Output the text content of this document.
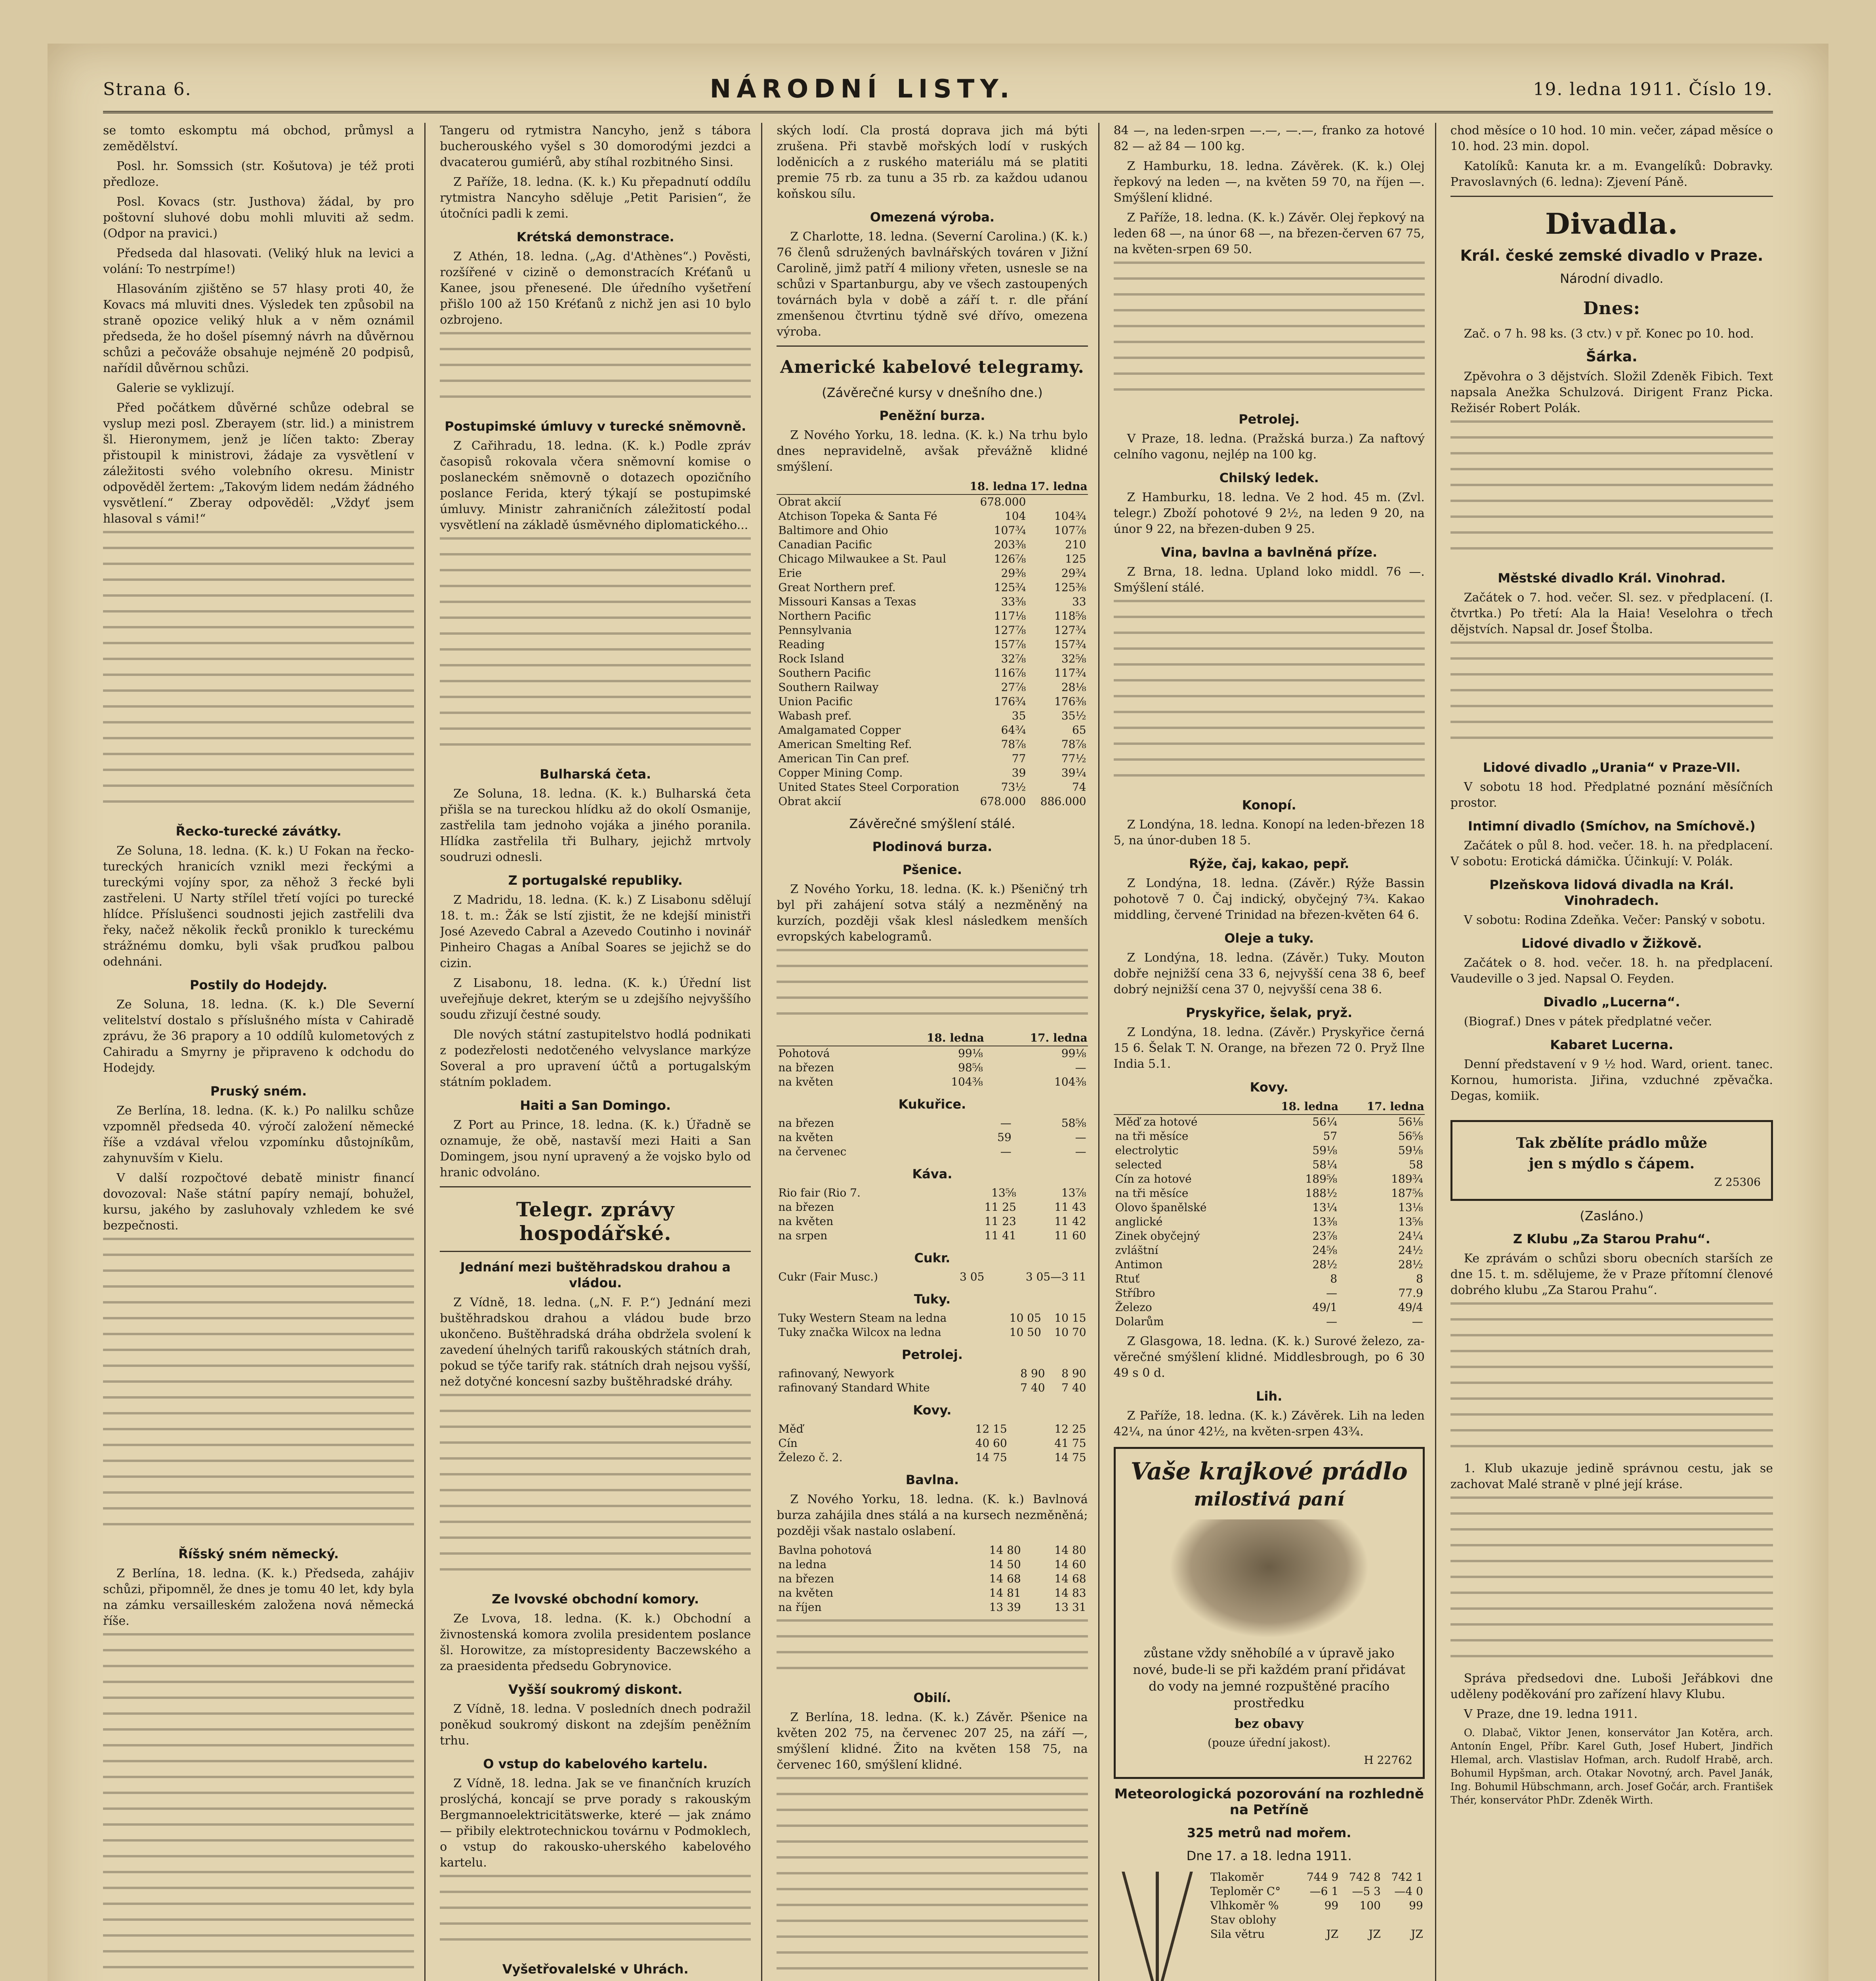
Strana 6.	NÁRODNÍ LISTY.	19. ledna 1911. Číslo 19.

se tomto eskomptu má obchod, průmysl a zemědělství.

Posl. hr. Somssich (str. Košutova) je též proti předloze.

Posl. Kovacs (str. Justhova) žádal, by pro poštovní sluhové dobu mohli mluviti až sedm. (Odpor na pravici.)

Předseda dal hlasovati. (Veliký hluk na levici a volání: To nestrpíme!)

Hlasováním zjištěno se 57 hlasy proti 40, že Kovacs má mluviti dnes. Výsledek ten způsobil na straně opozice veliký hluk a v něm oznámil předseda, že ho došel písemný návrh na důvěrnou schůzi a pečováže obsahuje nejméně 20 podpisů, nařídil důvěrnou schůzi.

Galerie se vyklizují.

Před počátkem důvěrné schůze odebral se vyslup mezi posl. Zberayem (str. lid.) a ministrem šl. Hieronymem, jenž je líčen takto: Zberay přistoupil k ministrovi, žádaje za vysvětlení v záležitosti svého volebního okresu. Ministr odpověděl žertem: „Takovým lidem nedám žádného vysvětlení.“ Zberay odpověděl: „Vždyť jsem hlasoval s vámi!“

Řecko-turecké závátky.

Ze Soluna, 18. ledna. (K. k.) U Fokan na řecko-tureckých hranicích vznikl mezi řeckými a tureckými vojíny spor, za něhož 3 řecké byli zastřeleni. U Narty střílel třetí vojíci po turecké hlídce. Příslušenci soudnosti jejich zastřelili dva řeky, načež několik řecků proniklo k tureckému strážnému domku, byli však pruďkou palbou odehnáni.

Postily do Hodejdy.

Ze Soluna, 18. ledna. (K. k.) Dle Severní velitelství dostalo s příslušného místa v Cahiradě zprávu, že 36 prapory a 10 oddílů kulometových z Cahiradu a Smyrny je připraveno k odchodu do Hodejdy.

Pruský sném.

Ze Berlína, 18. ledna. (K. k.) Po nalilku schůze vzpomněl předseda 40. výročí založení německé říše a vzdával vřelou vzpomínku důstojníkům, zahynuvším v Kielu.

V další rozpočtové debatě ministr financí dovozoval: Naše státní papíry nemají, bohužel, kursu, jakého by zasluhovaly vzhledem ke své bezpečnosti.

Říšský sném německý.

Z Berlína, 18. ledna. (K. k.) Předseda, zahájiv schůzi, připomněl, že dnes je tomu 40 let, kdy byla na zámku versailleském založena nová německá říše.

Tangeru od rytmistra Nancyho, jenž s tábora bucherouského vyšel s 30 domorodými jezdci a dvacaterou gumiérů, aby stíhal rozbitného Sinsi.

Z Paříže, 18. ledna. (K. k.) Ku přepadnutí oddílu rytmistra Nancyho sděluje „Petit Parisien“, že útočníci padli k zemi.

Krétská demonstrace.

Z Athén, 18. ledna. („Ag. d'Athènes“.) Pověsti, rozšířené v cizině o demonstracích Kréťanů u Kanee, jsou přenesené. Dle úředního vyšetření přišlo 100 až 150 Kréťanů z nichž jen asi 10 bylo ozbrojeno.

Postupimské úmluvy v turecké sněmovně.

Z Cařihradu, 18. ledna. (K. k.) Podle zpráv časopisů rokovala včera sněmovní komise o poslaneckém sněmovně o dotazech opozičního poslance Ferida, který týkají se postupimské úmluvy. Ministr zahraničních záležitostí podal vysvětlení na základě úsměvného diplomatického...

Bulharská četa.

Ze Soluna, 18. ledna. (K. k.) Bulharská četa přišla se na tureckou hlídku až do okolí Osmanije, zastřelila tam jednoho vojáka a jiného poranila. Hlídka zastřelila tři Bulhary, jejichž mrtvoly soudruzi odnesli.

Z portugalské republiky.

Z Madridu, 18. ledna. (K. k.) Z Lisabonu sdělují 18. t. m.: Žák se lstí zjistit, že ne kdejší ministři José Azevedo Cabral a Azevedo Coutinho i novinář Pinheiro Chagas a Aníbal Soares se jejichž se do cizin.

Z Lisabonu, 18. ledna. (K. k.) Úřední list uveřejňuje dekret, kterým se u zdejšího nejvyššího soudu zřizují čestné soudy.

Dle nových státní zastupitelstvo hodlá podnikati z podezřelosti nedotčeného velvyslance markýze Soveral a pro upravení účtů a portugalským státním pokladem.

Haiti a San Domingo.

Z Port au Prince, 18. ledna. (K. k.) Úřadně se oznamuje, že obě, nastavší mezi Haiti a San Domingem, jsou nyní upravený a že vojsko bylo od hranic odvoláno.

Telegr. zprávy hospodářské.
Jednání mezi buštěhradskou drahou a vládou.

Z Vídně, 18. ledna. („N. F. P.“) Jednání mezi buštěhradskou drahou a vládou bude brzo ukončeno. Buštěhradská dráha obdržela svolení k zavedení úhelných tarifů rakouských státních drah, pokud se týče tarify rak. státních drah nejsou vyšší, než dotyčné koncesní sazby buštěhradské dráhy.

Ze lvovské obchodní komory.

Ze Lvova, 18. ledna. (K. k.) Obchodní a živnostenská komora zvolila presidentem poslance šl. Horowitze, za místopresidenty Baczewského a za praesidenta předsedu Gobrynovice.

Vyšší soukromý diskont.

Z Vídně, 18. ledna. V posledních dnech podražil poněkud soukromý diskont na zdejším peněžním trhu.

O vstup do kabelového kartelu.

Z Vídně, 18. ledna. Jak se ve finančních kruzích proslýchá, koncají se prve porady s rakouským Bergmannoelektricitätswerke, které — jak známo — přibily elektrotechnickou továrnu v Podmoklech, o vstup do rakousko-uherského kabelového kartelu.

Vyšetřovalelské v Uhrách.

ských lodí. Cla prostá doprava jich má býti zrušena. Při stavbě mořských lodí v ruských loděnicích a z ruského materiálu má se platiti premie 75 rb. za tunu a 35 rb. za každou udanou koňskou sílu.

Omezená výroba.

Z Charlotte, 18. ledna. (Severní Carolina.) (K. k.) 76 členů sdružených bavlnářských továren v Jižní Carolině, jimž patří 4 miliony vřeten, usnesle se na schůzi v Spartanburgu, aby ve všech zastoupených továrnách byla v době a září t. r. dle přání zmenšenou čtvrtinu týdně své dřívo, omezena výroba.

Americké kabelové telegramy.
(Závěrečné kursy v dnešního dne.)
Peněžní burza.

Z Nového Yorku, 18. ledna. (K. k.) Na trhu bylo dnes nepravidelně, avšak převážně klidné smýšlení.

	18. ledna	17. ledna
Obrat akcií	678.000	
Atchison Topeka & Santa Fé	104	104¾
Baltimore and Ohio	107¾	107⅞
Canadian Pacific	203⅜	210
Chicago Milwaukee a St. Paul	126⅞	125
Erie	29⅜	29¾
Great Northern pref.	125¾	125⅜
Missouri Kansas a Texas	33⅜	33
Northern Pacific	117⅛	118⅝
Pennsylvania	127⅞	127¾
Reading	157⅞	157¾
Rock Island	32⅞	32⅝
Southern Pacific	116⅞	117¾
Southern Railway	27⅞	28⅛
Union Pacific	176¾	176⅜
Wabash pref.	35	35½
Amalgamated Copper	64¾	65
American Smelting Ref.	78⅞	78⅞
American Tin Can pref.	77	77½
Copper Mining Comp.	39	39¼
United States Steel Corporation	73½	74
Obrat akcií	678.000	886.000
Závěrečné smýšlení stálé.
Plodinová burza.
Pšenice.

Z Nového Yorku, 18. ledna. (K. k.) Pšeničný trh byl při zahájení sotva stálý a nezměněný na kurzích, později však klesl následkem menších evropských kabelogramů.

	18. ledna	17. ledna
Pohotová	99⅛	99⅛
na březen	98⅝	—
na květen	104⅜	104⅜
Kukuřice.
na březen	—	58⅝
na květen	59	—
na červenec	—	—
Káva.
Rio fair (Rio 7.	13⅝	13⅞
na březen	11 25	11 43
na květen	11 23	11 42
na srpen	11 41	11 60
Cukr.
Cukr (Fair Musc.)	3 05	3 05—3 11
Tuky.
Tuky Western Steam na ledna	10 05	10 15
Tuky značka Wilcox na ledna	10 50	10 70
Petrolej.
rafinovaný, Newyork	8 90	8 90
rafinovaný Standard White	7 40	7 40
Kovy.
Měď	12 15	12 25
Cín	40 60	41 75
Železo č. 2.	14 75	14 75
Bavlna.

Z Nového Yorku, 18. ledna. (K. k.) Bavlnová burza zahájila dnes stálá a na kursech nezměněná; později však nastalo oslabení.

Bavlna pohotová	14 80	14 80
na ledna	14 50	14 60
na březen	14 68	14 68
na květen	14 81	14 83
na říjen	13 39	13 31
Obilí.

Z Berlína, 18. ledna. (K. k.) Závěr. Pšenice na květen 202 75, na červenec 207 25, na září —, smýšlení klidné. Žito na květen 158 75, na červenec 160, smýšlení klidné.

84 —, na leden-srpen —.—, —.—, franko za hotové 82 — až 84 — 100 kg.

Z Hamburku, 18. ledna. Závěrek. (K. k.) Olej řepkový na leden —, na květen 59 70, na říjen —. Smýšlení klidné.

Z Paříže, 18. ledna. (K. k.) Závěr. Olej řepkový na leden 68 —, na únor 68 —, na březen-červen 67 75, na květen-srpen 69 50.

Petrolej.

V Praze, 18. ledna. (Pražská burza.) Za naftový celního vagonu, nejlép na 100 kg.

Chilský ledek.

Z Hamburku, 18. ledna. Ve 2 hod. 45 m. (Zvl. telegr.) Zboží pohotové 9 2½, na leden 9 20, na únor 9 22, na březen-duben 9 25.

Vina, bavlna a bavlněná příze.

Z Brna, 18. ledna. Upland loko middl. 76 —. Smýšlení stálé.

Konopí.

Z Londýna, 18. ledna. Konopí na leden-březen 18 5, na únor-duben 18 5.

Rýže, čaj, kakao, pepř.

Z Londýna, 18. ledna. (Závěr.) Rýže Bassin pohotově 7 0. Čaj indický, obyčejný 7¾. Kakao middling, červené Trinidad na březen-květen 64 6.

Oleje a tuky.

Z Londýna, 18. ledna. (Závěr.) Tuky. Mouton dobře nejnižší cena 33 6, nejvyšší cena 38 6, beef dobrý nejnižší cena 37 0, nejvyšší cena 38 6.

Pryskyřice, šelak, pryž.

Z Londýna, 18. ledna. (Závěr.) Pryskyřice černá 15 6. Šelak T. N. Orange, na březen 72 0. Pryž Ilne India 5.1.

Kovy.
	18. ledna	17. ledna
Měď za hotové	56¼	56⅛
na tři měsíce	57	56⅝
electrolytic	59⅛	59⅛
selected	58¼	58
Cín za hotové	189⅝	189¾
na tři měsíce	188½	187⅝
Olovo španělské	13¼	13⅛
anglické	13⅜	13⅝
Zinek obyčejný	23⅞	24¼
zvláštní	24⅝	24½
Antimon	28½	28½
Rtuť	8	8
Stříbro	—	77.9
Železo	49/1	49/4
Dolarům	—	—

Z Glasgowa, 18. ledna. (K. k.) Surové železo, za-věrečné smýšlení klidné. Middlesbrough, po 6 30 49 s 0 d.

Lih.

Z Paříže, 18. ledna. (K. k.) Závěrek. Lih na leden 42¼, na únor 42½, na květen-srpen 43¾.

Vaše krajkové prádlo
milostivá paní
zůstane vždy sněhobílé a v úpravě jako nové, bude-li se při každém praní přidávat do vody na jemné rozpuštěné pracího prostředku
bez obavy
(pouze úřední jakost).
H 22762
Meteorologická pozorování na rozhledně na Petříně
325 metrů nad mořem.
Dne 17. a 18. ledna 1911.
Tlakoměr	744 9	742 8	742 1
Teploměr C°	—6 1	—5 3	—4 0
Vlhkoměr %	99	100	99
Stav oblohy			
Sila větru	JZ	JZ	JZ

chod měsíce o 10 hod. 10 min. večer, západ měsíce o 10. hod. 23 min. dopol.

Katolíků: Kanuta kr. a m. Evangelíků: Dobravky. Pravoslavných (6. ledna): Zjevení Páně.

Divadla.
Král. české zemské divadlo v Praze.
Národní divadlo.
Dnes:

Zač. o 7 h. 98 ks. (3 ctv.) v př. Konec po 10. hod.

Šárka.

Zpěvohra o 3 dějstvích. Složil Zdeněk Fibich. Text napsala Anežka Schulzová. Dirigent Franz Picka. Režisér Robert Polák.

Městské divadlo Král. Vinohrad.

Začátek o 7. hod. večer. Sl. sez. v předplacení. (I. čtvrtka.) Po třetí: Ala la Haia! Veselohra o třech dějstvích. Napsal dr. Josef Štolba.

Lidové divadlo „Urania“ v Praze-VII.

V sobotu 18 hod. Předplatné poznání měsíčních prostor.

Intimní divadlo (Smíchov, na Smíchově.)

Začátek o půl 8. hod. večer. 18. h. na předplacení. V sobotu: Erotická dámička. Účinkují: V. Polák.

Plzeňskova lidová divadla na Král. Vinohradech.

V sobotu: Rodina Zdeňka. Večer: Panský v sobotu.

Lidové divadlo v Žižkově.

Začátek o 8. hod. večer. 18. h. na předplacení. Vaudeville o 3 jed. Napsal O. Feyden.

Divadlo „Lucerna“.

(Biograf.) Dnes v pátek předplatné večer.

Kabaret Lucerna.

Denní představení v 9 ½ hod. Ward, orient. tanec. Kornou, humorista. Jiřina, vzduchné zpěvačka. Degas, komiik.

Tak zbělíte prádlo může
jen s mýdlo s čápem.
Z 25306
(Zasláno.)
Z Klubu „Za Starou Prahu“.

Ke zprávám o schůzi sboru obecních starších ze dne 15. t. m. sdělujeme, že v Praze přítomní členové dobrého klubu „Za Starou Prahu“.

1. Klub ukazuje jedině správnou cestu, jak se zachovat Malé straně v plné její kráse.

Správa předsedovi dne. Luboši Jeřábkovi dne uděleny poděkování pro zařízení hlavy Klubu.

V Praze, dne 19. ledna 1911.

O. Dlabač, Viktor Jenen, konservátor Jan Kotěra, arch. Antonín Engel, Příbr. Karel Guth, Josef Hubert, Jindřich Hlemal, arch. Vlastislav Hofman, arch. Rudolf Hrabě, arch. Bohumil Hypšman, arch. Otakar Novotný, arch. Pavel Janák, Ing. Bohumil Hübschmann, arch. Josef Gočár, arch. František Thér, konservátor PhDr. Zdeněk Wirth.
